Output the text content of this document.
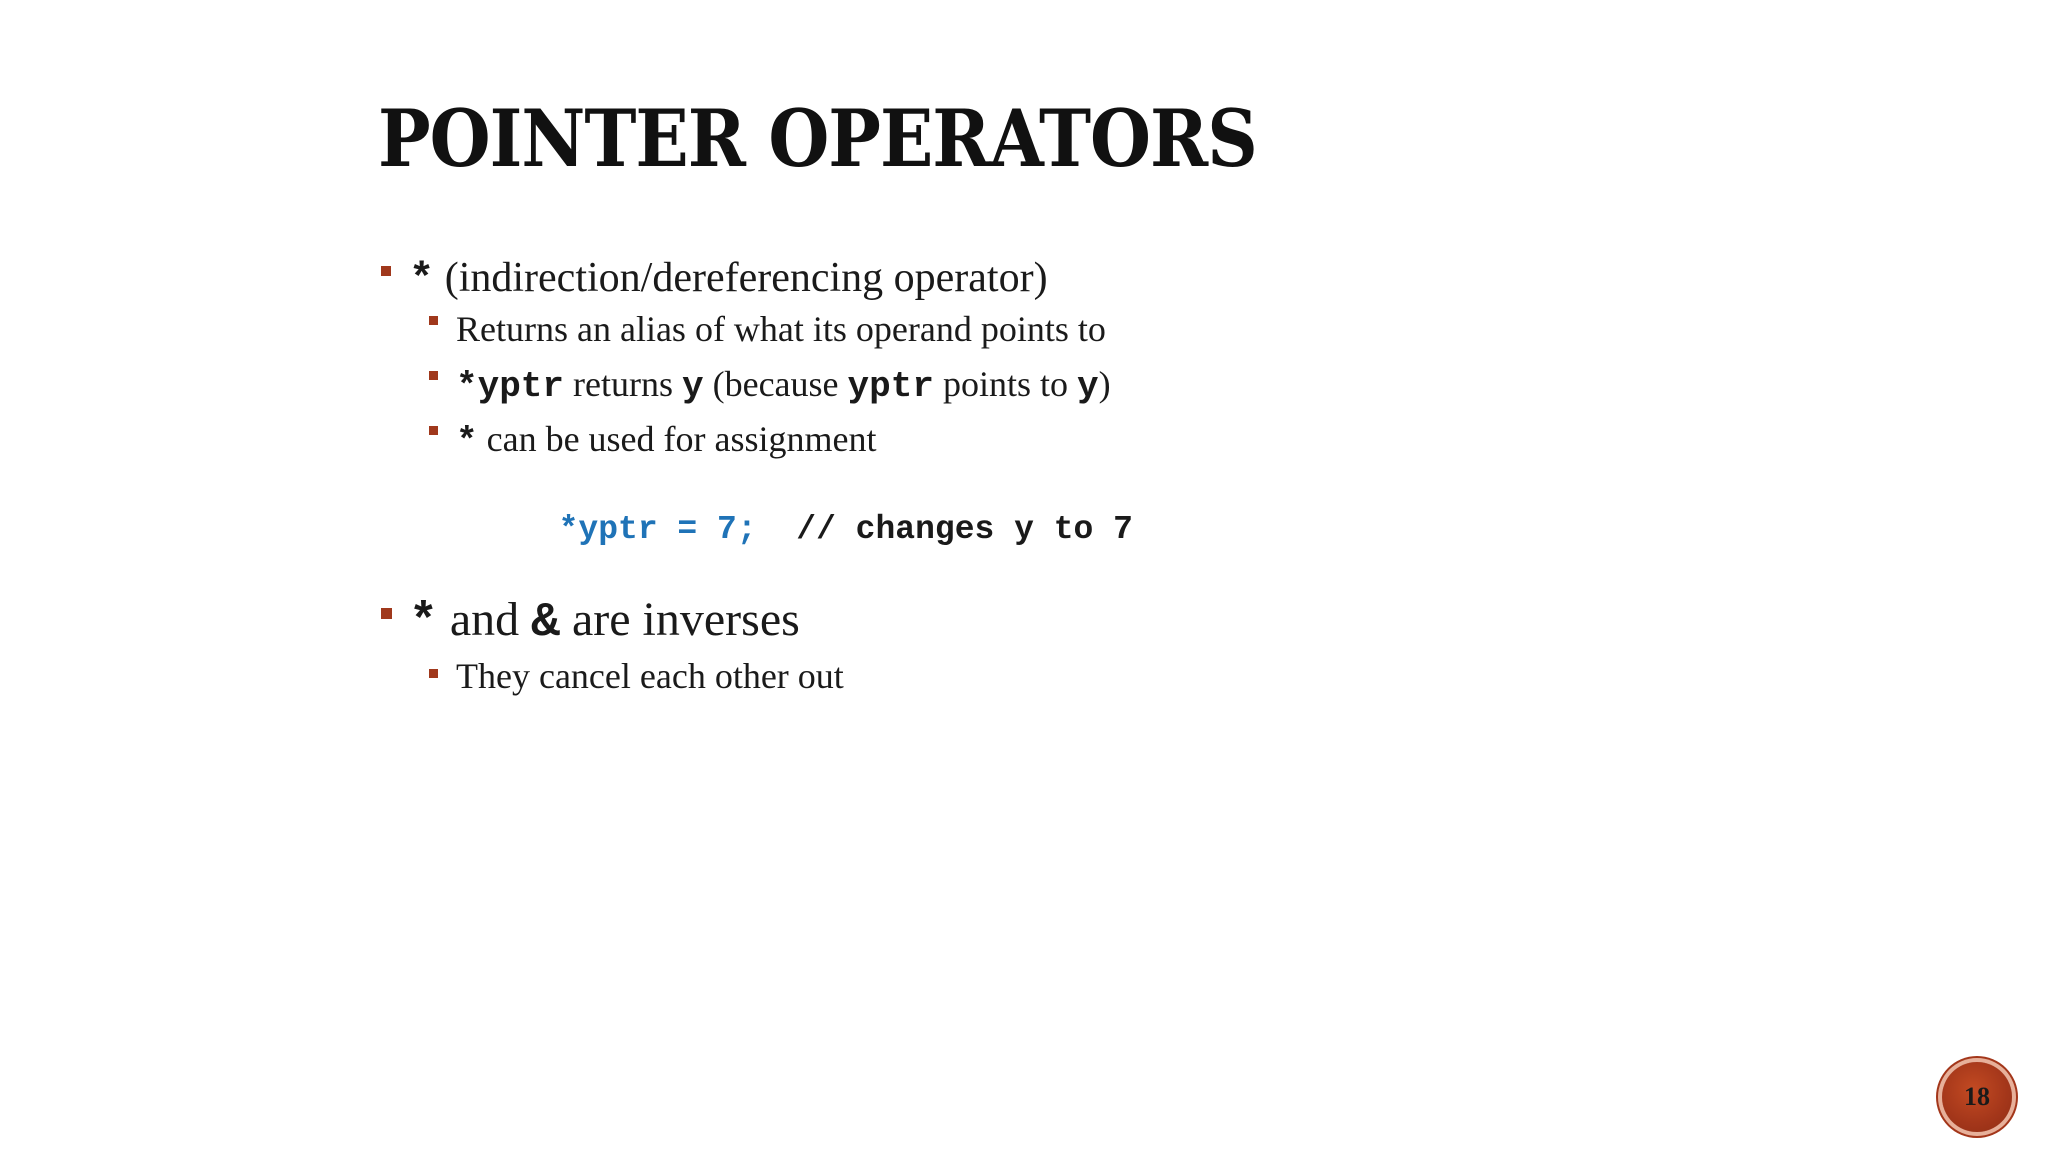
POINTER OPERATORS
* (indirection/dereferencing operator)
Returns an alias of what its operand points to
*yptr returns y (because yptr points to y)
* can be used for assignment

*yptr = 7;  // changes y to 7

* and & are inverses
They cancel each other out
18
